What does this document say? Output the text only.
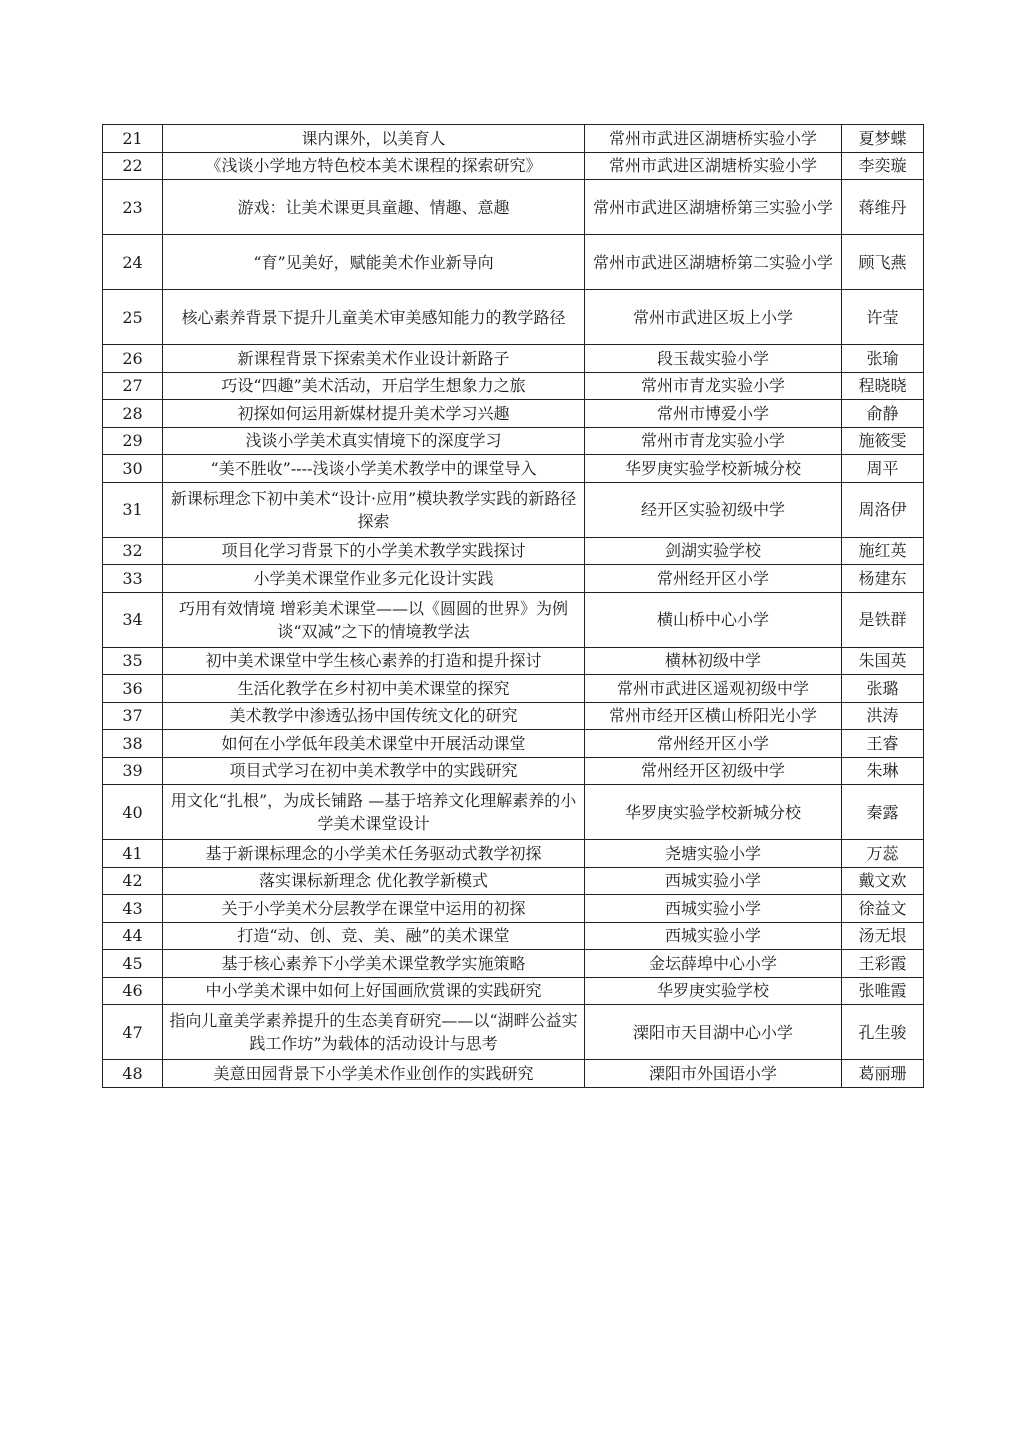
21	课内课外，以美育人	常州市武进区湖塘桥实验小学	夏梦蝶
22	《浅谈小学地方特色校本美术课程的探索研究》	常州市武进区湖塘桥实验小学	李奕璇
23	游戏：让美术课更具童趣、情趣、意趣	常州市武进区湖塘桥第三实验小学	蒋维丹
24	“育”见美好，赋能美术作业新导向	常州市武进区湖塘桥第二实验小学	顾飞燕
25	核心素养背景下提升儿童美术审美感知能力的教学路径	常州市武进区坂上小学	许莹
26	新课程背景下探索美术作业设计新路子	段玉裁实验小学	张瑜
27	巧设“四趣”美术活动，开启学生想象力之旅	常州市青龙实验小学	程晓晓
28	初探如何运用新媒材提升美术学习兴趣	常州市博爱小学	俞静
29	浅谈小学美术真实情境下的深度学习	常州市青龙实验小学	施筱雯
30	“美不胜收”----浅谈小学美术教学中的课堂导入	华罗庚实验学校新城分校	周平
31	新课标理念下初中美术“设计·应用”模块教学实践的新路径探索	经开区实验初级中学	周洛伊
32	项目化学习背景下的小学美术教学实践探讨	剑湖实验学校	施红英
33	小学美术课堂作业多元化设计实践	常州经开区小学	杨建东
34	巧用有效情境 增彩美术课堂——以《圆圆的世界》为例谈“双减”之下的情境教学法	横山桥中心小学	是铁群
35	初中美术课堂中学生核心素养的打造和提升探讨	横林初级中学	朱国英
36	生活化教学在乡村初中美术课堂的探究	常州市武进区遥观初级中学	张璐
37	美术教学中渗透弘扬中国传统文化的研究	常州市经开区横山桥阳光小学	洪涛
38	如何在小学低年段美术课堂中开展活动课堂	常州经开区小学	王睿
39	项目式学习在初中美术教学中的实践研究	常州经开区初级中学	朱琳
40	用文化“扎根”，为成长铺路 —基于培养文化理解素养的小学美术课堂设计	华罗庚实验学校新城分校	秦露
41	基于新课标理念的小学美术任务驱动式教学初探	尧塘实验小学	万蕊
42	落实课标新理念 优化教学新模式	西城实验小学	戴文欢
43	关于小学美术分层教学在课堂中运用的初探	西城实验小学	徐益文
44	打造“动、创、竞、美、融”的美术课堂	西城实验小学	汤无垠
45	基于核心素养下小学美术课堂教学实施策略	金坛薛埠中心小学	王彩霞
46	中小学美术课中如何上好国画欣赏课的实践研究	华罗庚实验学校	张唯霞
47	指向儿童美学素养提升的生态美育研究——以“湖畔公益实践工作坊”为载体的活动设计与思考	溧阳市天目湖中心小学	孔生骏
48	美意田园背景下小学美术作业创作的实践研究	溧阳市外国语小学	葛丽珊
